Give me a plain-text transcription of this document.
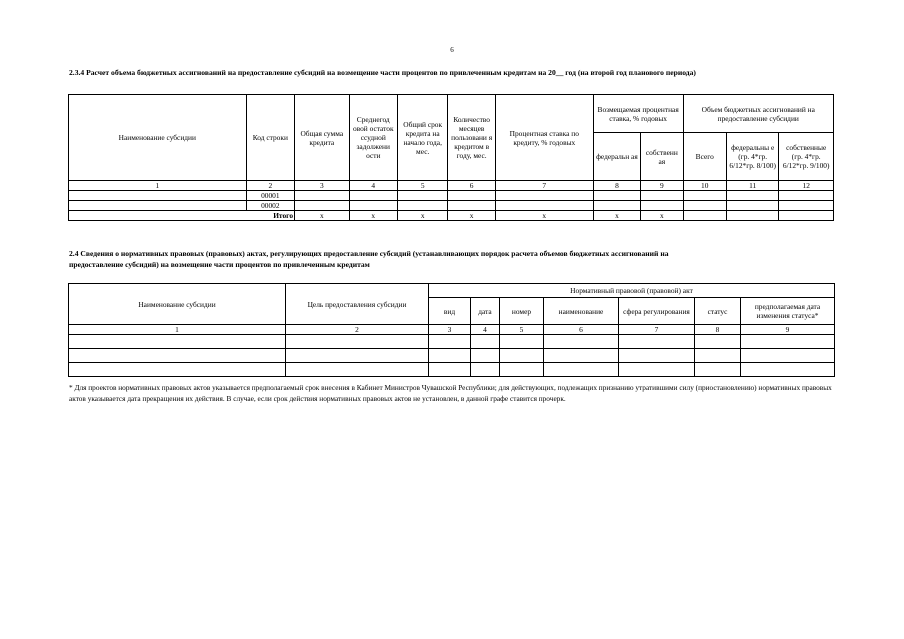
6
2.3.4 Расчет объема бюджетных ассигнований на предоставление субсидий на возмещение части процентов по привлеченным кредитам на 20__ год (на второй год планового периода)
Наименование субсидии	Код строки	Общая сумма кредита	Среднегод овой остаток ссудной задолжени ости	Общий срок кредита на начало года, мес.	Количество месяцев пользовани я кредитом в году, мес.	Процентная ставка по кредиту, % годовых	Возмещаемая процентная ставка, % годовых		Объем бюджетных ассигнований на предоставление субсидии		
							федеральн ая	собственн ая	Всего	федеральны е (гр. 4*гр. 6/12*гр. 8/100)	собственные (гр. 4*гр. 6/12*гр. 9/100)
1	2	3	4	5	6	7	8	9	10	11	12
	00001										
	00002										
Итого		x	x	x	x	x	x	x			
2.4 Сведения о нормативных правовых (правовых) актах, регулирующих предоставление субсидий (устанавливающих порядок расчета объемов бюджетных ассигнований на
предоставление субсидий) на возмещение части процентов по привлеченным кредитам
Наименование субсидии	Цель предоставления субсидии	Нормативный правовой (правовой) акт						
		вид	дата	номер	наименование	сфера регулирования	статус	предполагаемая дата изменения статуса*
1	2	3	4	5	6	7	8	9

* Для проектов нормативных правовых актов указывается предполагаемый срок внесения в Кабинет Министров Чувашской Республики; для действующих, подлежащих признанию утратившими силу (приостановлению) нормативных правовых актов указывается дата прекращения их действия. В случае, если срок действия нормативных правовых актов не установлен, в данной графе ставится прочерк.
